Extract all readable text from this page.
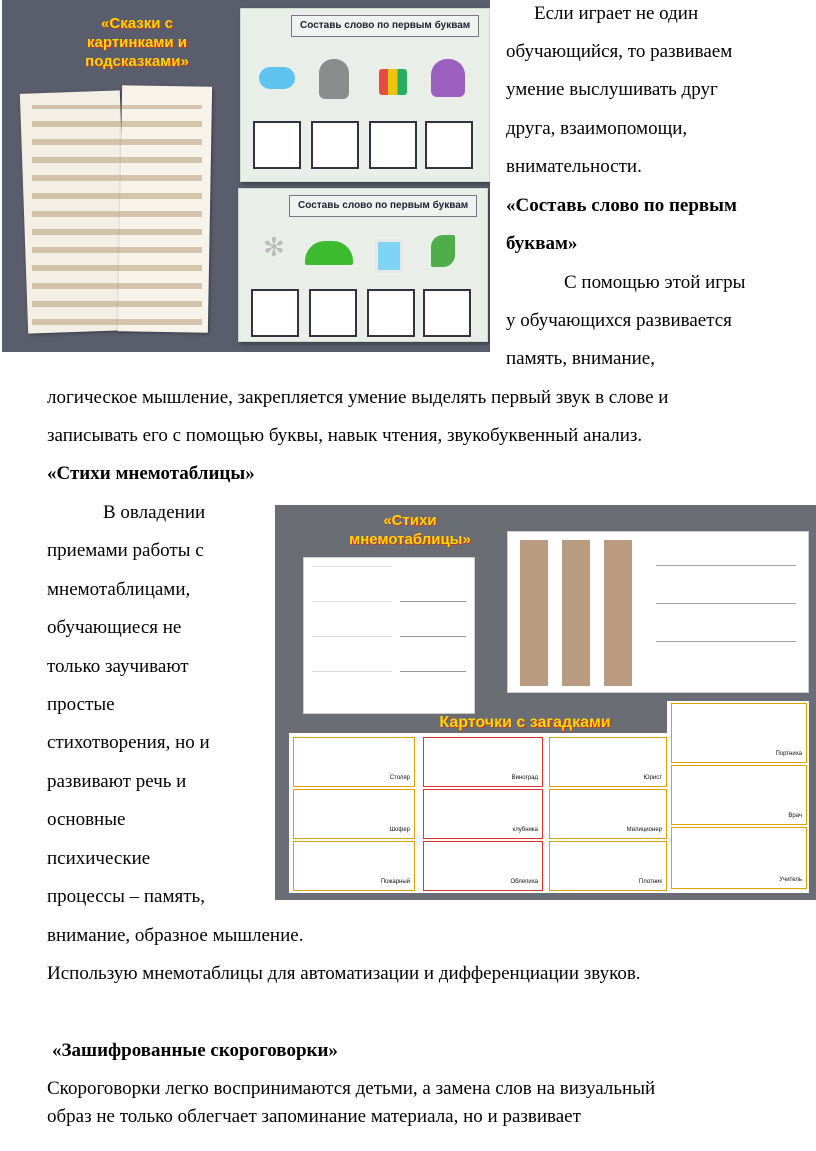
«Сказки с картинками и подсказками»
Составь слово по первым буквам
Составь слово по первым буквам
✻
Если играет не один
обучающийся, то развиваем
умение выслушивать друг
друга, взаимопомощи,
внимательности.
«Составь слово по первым
буквам»
С помощью этой игры
у обучающихся развивается
память, внимание,
логическое мышление, закрепляется умение выделять первый звук в слове и
записывать его с помощью буквы, навык чтения, звукобуквенный анализ.
«Стихи мнемотаблицы»
«Стихи мнемотаблицы»
Карточки с загадками
Столяр
Шофер
Пожарный
Виноград
клубника
Облепиха
Юрист
Милиционер
Плотник
Портниха
Врач
Учитель
В овладении
приемами работы с
мнемотаблицами,
обучающиеся не
только заучивают
простые
стихотворения, но и
развивают речь и
основные
психические
процессы – память,
внимание, образное мышление.
Использую мнемотаблицы для автоматизации и дифференциации звуков.
«Зашифрованные скороговорки»
Скороговорки легко воспринимаются детьми, а замена слов на визуальный
образ не только облегчает запоминание материала, но и развивает
